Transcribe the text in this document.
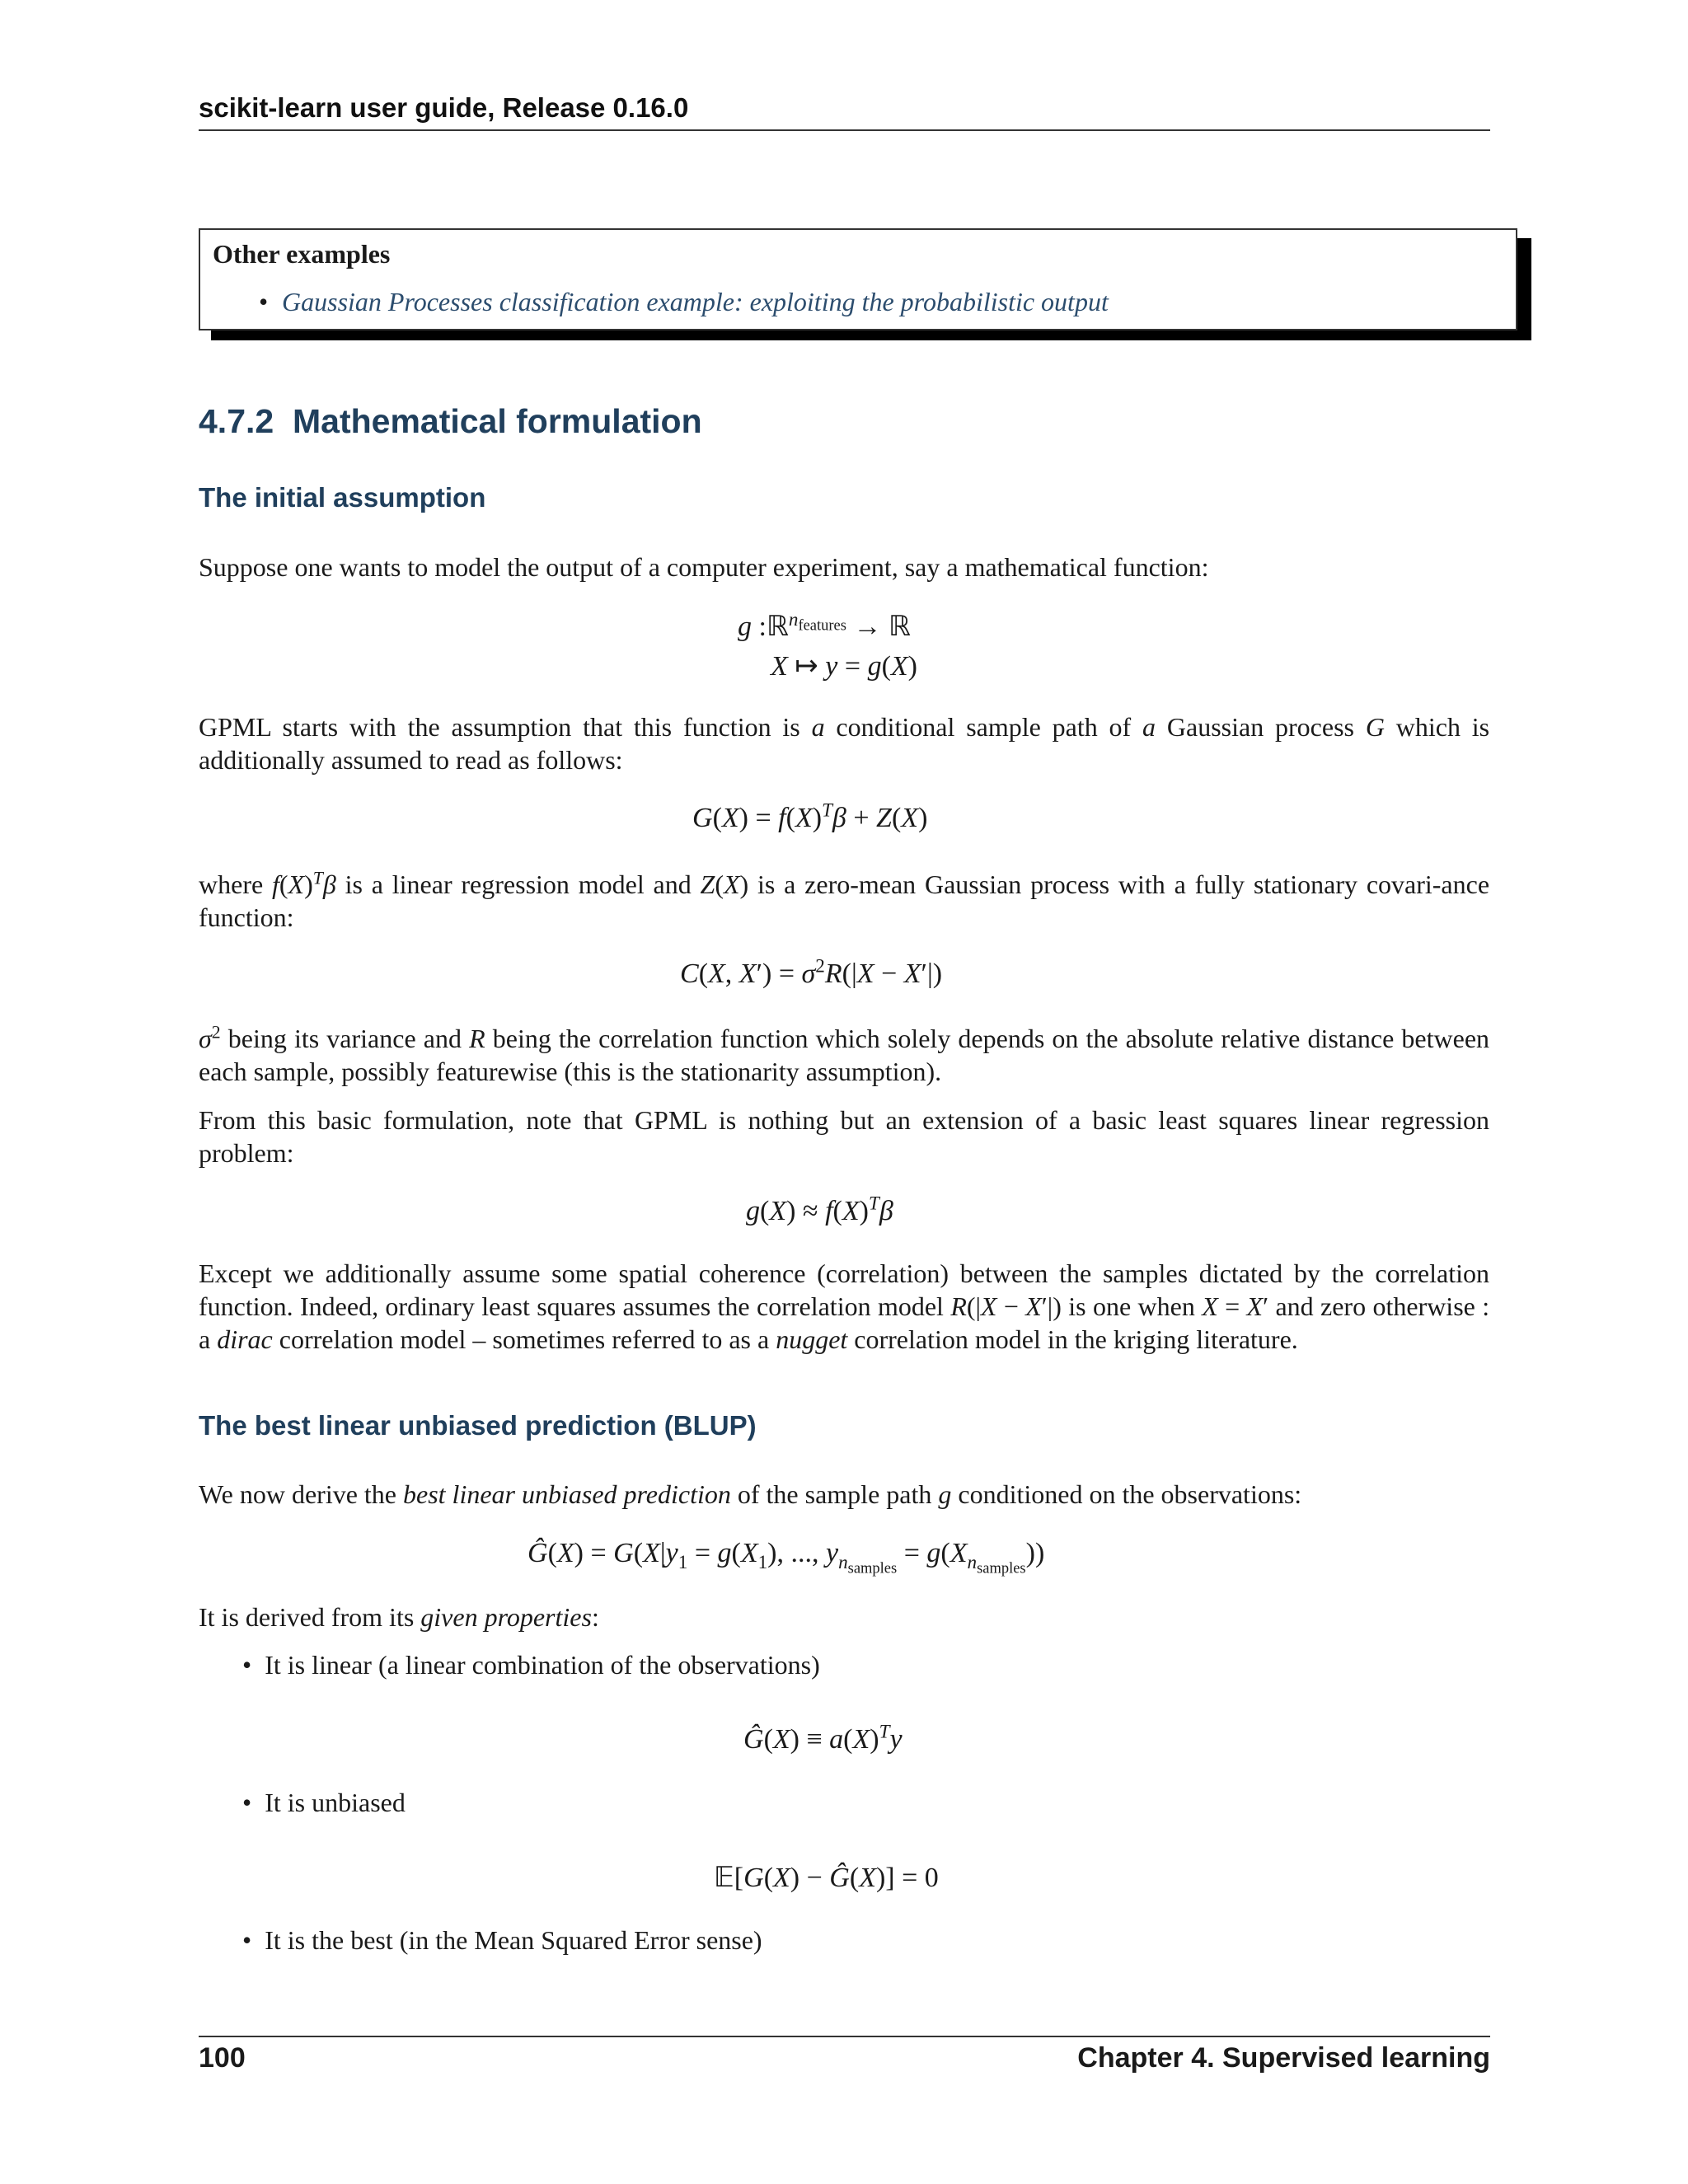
scikit-learn user guide, Release 0.16.0
Other examples
• Gaussian Processes classification example: exploiting the probabilistic output
4.7.2 Mathematical formulation
The initial assumption
Suppose one wants to model the output of a computer experiment, say a mathematical function:
g :ℝ$^{n_{features}}$ → ℝ
X ↦ y = g(X)
GPML starts with the assumption that this function is a conditional sample path of a Gaussian process G which is additionally assumed to read as follows:
$G(X) = f(X)^T\beta + Z(X)$
where $f(X)^T\beta$ is a linear regression model and Z(X) is a zero-mean Gaussian process with a fully stationary covari-ance function:
C(X, $X') = \sigma^2R(|X - X'|)$
$\sigma^2$ being its variance and R being the correlation function which solely depends on the absolute relative distance between each sample, possibly featurewise (this is the stationarity assumption).
From this basic formulation, note that GPML is nothing but an extension of a basic least squares linear regression problem:
$g(X) \approx f(X)^T\beta$
Except we additionally assume some spatial coherence (correlation) between the samples dictated by the correlation function. Indeed, ordinary least squares assumes the correlation model R(|X − X′|) is one when X = X′ and zero otherwise : a dirac correlation model – sometimes referred to as a nugget correlation model in the kriging literature.
The best linear unbiased prediction (BLUP)
We now derive the best linear unbiased prediction of the sample path g conditioned on the observations:
Ĝ(X) = $G(X|y_1 = g(X_1)$, ..., $y_{n_{samples}} = g(X_{n_{samples}})$)
It is derived from its given properties:
•  It is linear (a linear combination of the observations)
Ĝ(X) ≡ $a(X)^Ty$
•  It is unbiased
𝔼[G(X) − Ĝ(X)] = 0
•  It is the best (in the Mean Squared Error sense)
100	Chapter 4. Supervised learning
